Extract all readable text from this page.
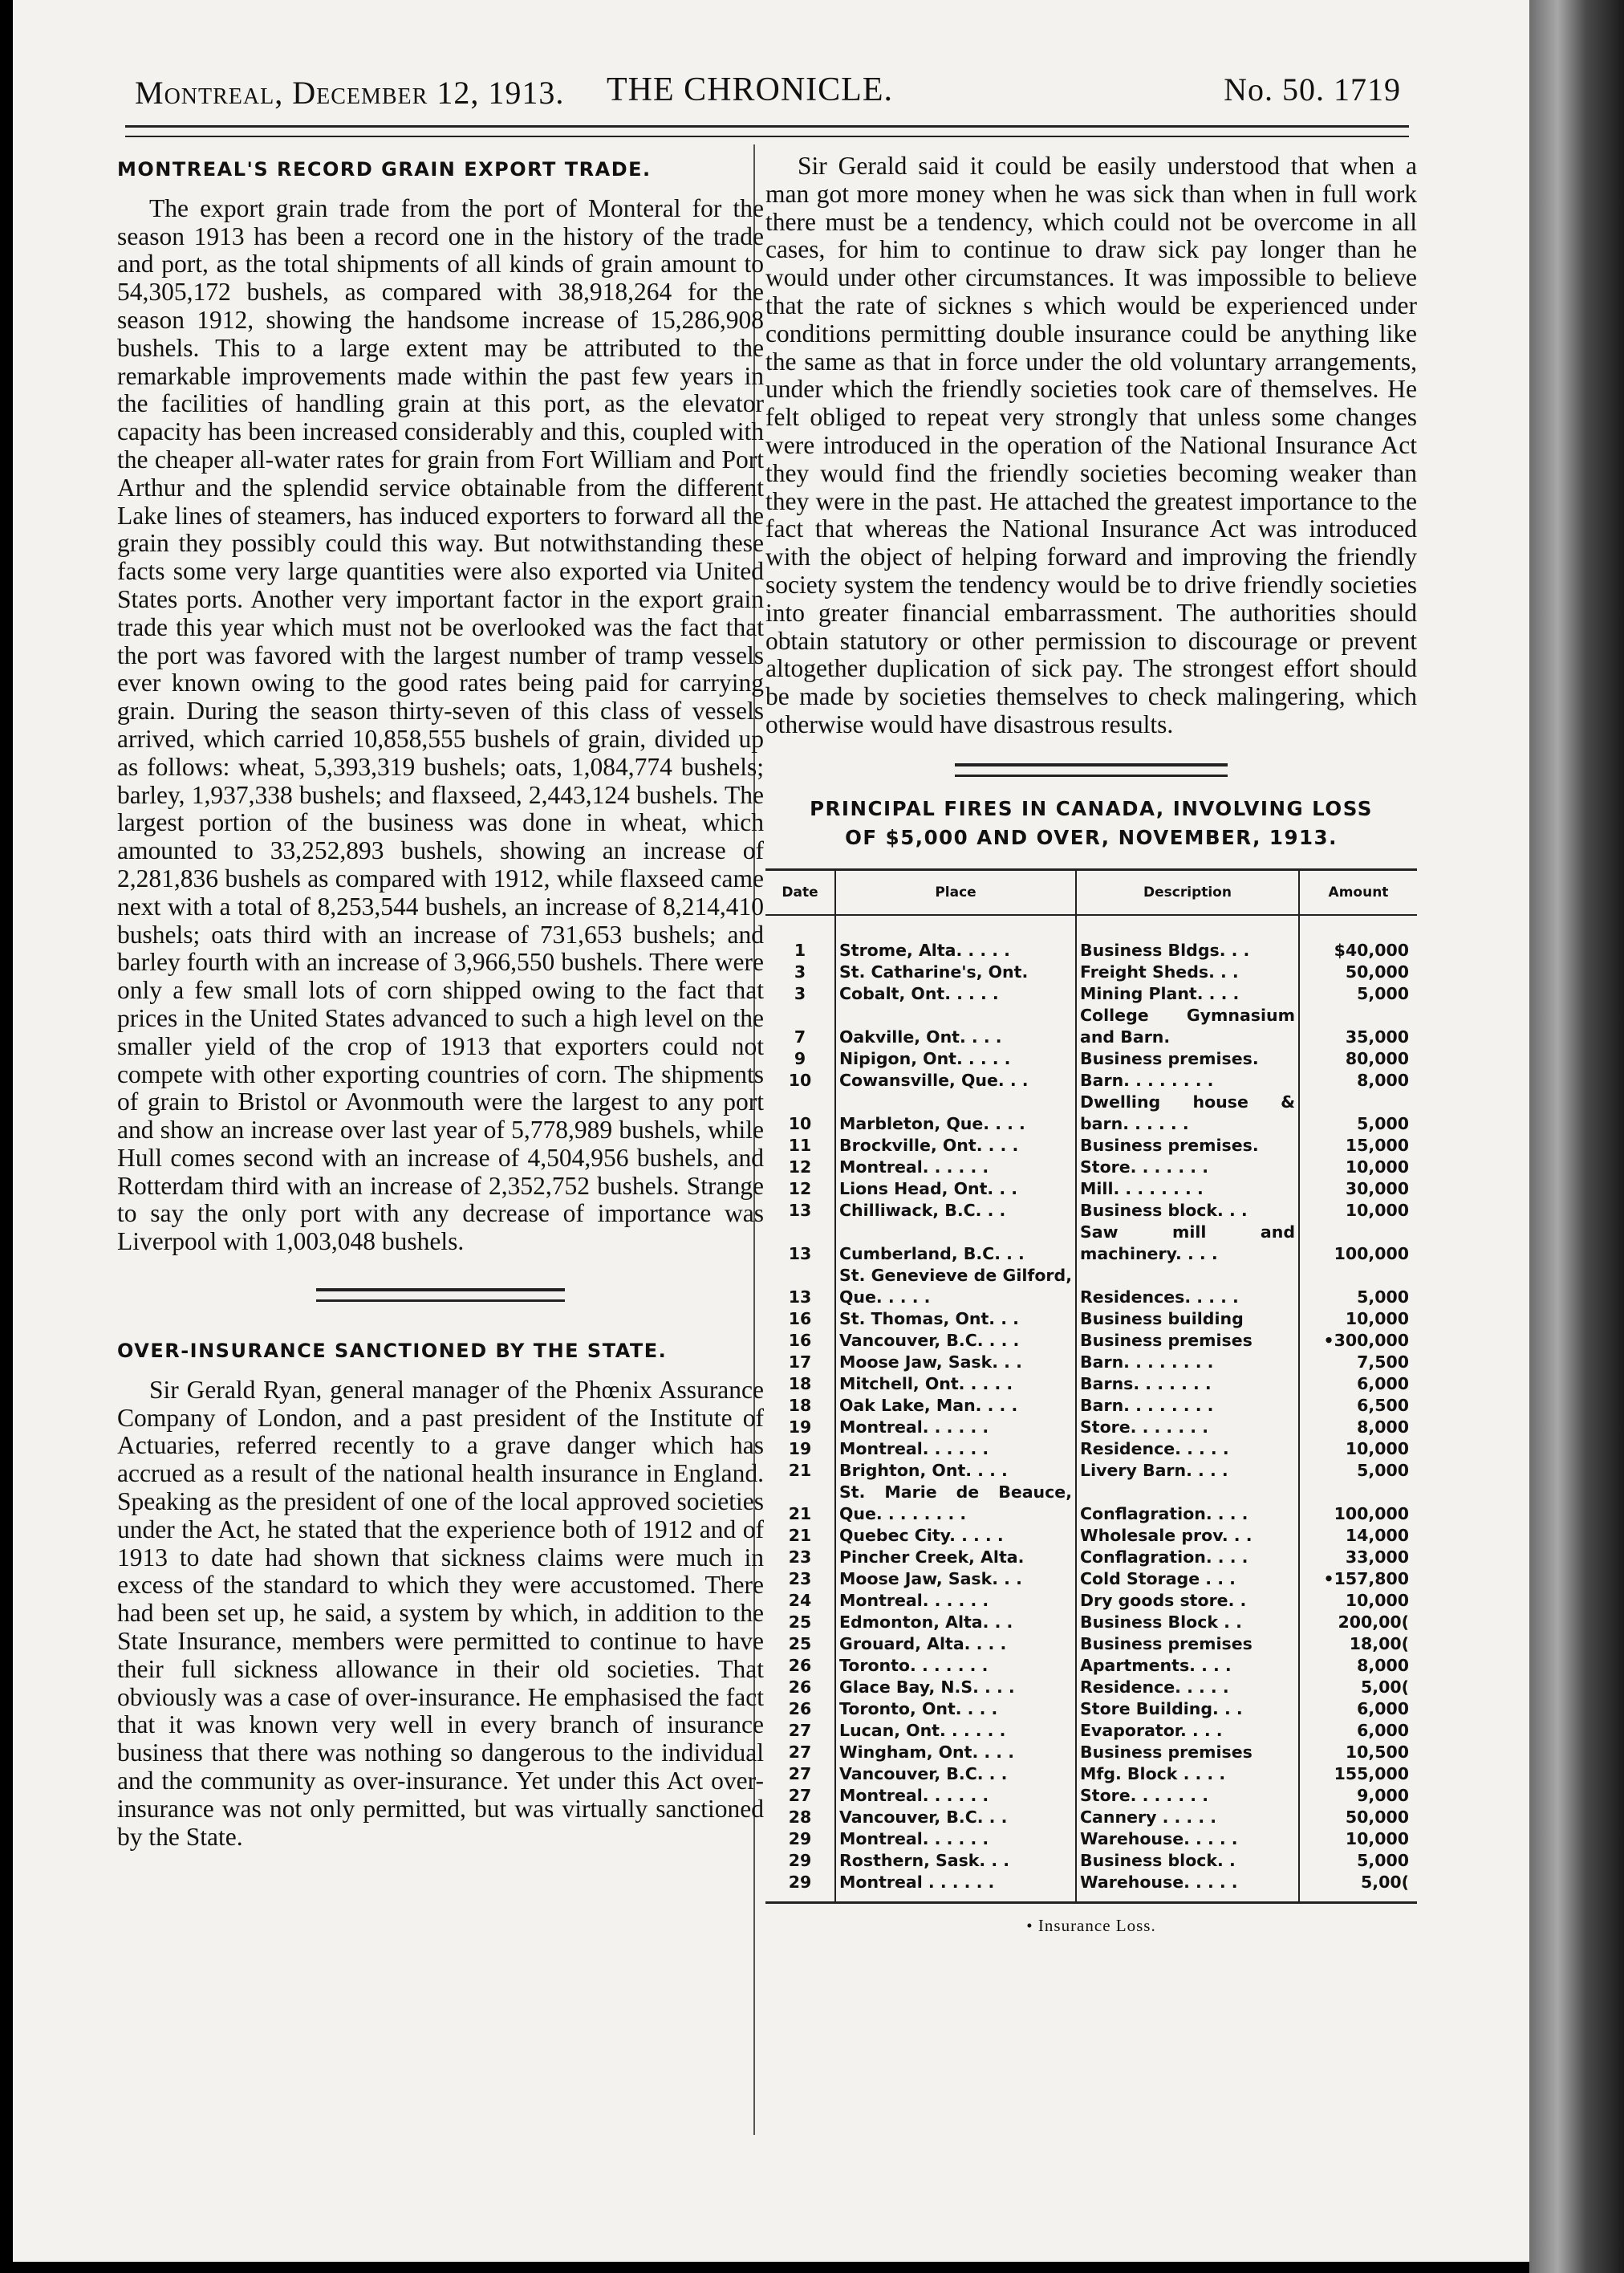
Montreal, December 12, 1913. THE CHRONICLE.	No. 50. 1719
MONTREAL'S RECORD GRAIN EXPORT TRADE.

The export grain trade from the port of Monteral for the season 1913 has been a record one in the history of the trade and port, as the total shipments of all kinds of grain amount to 54,305,172 bushels, as compared with 38,918,264 for the season 1912, showing the handsome increase of 15,286,908 bushels. This to a large extent may be attributed to the remarkable improvements made within the past few years in the facilities of handling grain at this port, as the elevator capacity has been increased considerably and this, coupled with the cheaper all-water rates for grain from Fort William and Port Arthur and the splendid service obtainable from the different Lake lines of steamers, has induced exporters to forward all the grain they possibly could this way. But notwithstanding these facts some very large quantities were also exported via United States ports. Another very important factor in the export grain trade this year which must not be overlooked was the fact that the port was favored with the largest number of tramp vessels ever known owing to the good rates being paid for carrying grain. During the season thirty-seven of this class of vessels arrived, which carried 10,858,555 bushels of grain, divided up as follows: wheat, 5,393,319 bushels; oats, 1,084,774 bushels; barley, 1,937,338 bushels; and flaxseed, 2,443,124 bushels. The largest portion of the business was done in wheat, which amounted to 33,252,893 bushels, showing an increase of 2,281,836 bushels as compared with 1912, while flaxseed came next with a total of 8,253,544 bushels, an increase of 8,214,410 bushels; oats third with an increase of 731,653 bushels; and barley fourth with an increase of 3,966,550 bushels. There were only a few small lots of corn shipped owing to the fact that prices in the United States advanced to such a high level on the smaller yield of the crop of 1913 that exporters could not compete with other exporting countries of corn. The shipments of grain to Bristol or Avonmouth were the largest to any port and show an increase over last year of 5,778,989 bushels, while Hull comes second with an increase of 4,504,956 bushels, and Rotterdam third with an increase of 2,352,752 bushels. Strange to say the only port with any decrease of importance was Liverpool with 1,003,048 bushels.

OVER-INSURANCE SANCTIONED BY THE STATE.

Sir Gerald Ryan, general manager of the Phœnix Assurance Company of London, and a past president of the Institute of Actuaries, referred recently to a grave danger which has accrued as a result of the national health insurance in England. Speaking as the president of one of the local approved societies under the Act, he stated that the experience both of 1912 and of 1913 to date had shown that sickness claims were much in excess of the standard to which they were accustomed. There had been set up, he said, a system by which, in addition to the State Insurance, members were permitted to continue to have their full sickness allowance in their old societies. That obviously was a case of over-insurance. He emphasised the fact that it was known very well in every branch of insurance business that there was nothing so dangerous to the individual and the community as over-insurance. Yet under this Act over-insurance was not only permitted, but was virtually sanctioned by the State.

Sir Gerald said it could be easily understood that when a man got more money when he was sick than when in full work there must be a tendency, which could not be overcome in all cases, for him to continue to draw sick pay longer than he would under other circumstances. It was impossible to believe that the rate of sicknes s which would be experienced under conditions permitting double insurance could be anything like the same as that in force under the old voluntary arrangements, under which the friendly societies took care of themselves. He felt obliged to repeat very strongly that unless some changes were introduced in the operation of the National Insurance Act they would find the friendly societies becoming weaker than they were in the past. He attached the greatest importance to the fact that whereas the National Insurance Act was introduced with the object of helping forward and improving the friendly society system the tendency would be to drive friendly societies into greater financial embarrassment. The authorities should obtain statutory or other permission to discourage or prevent altogether duplication of sick pay. The strongest effort should be made by societies themselves to check malingering, which otherwise would have disastrous results.

PRINCIPAL FIRES IN CANADA, INVOLVING LOSS
OF $5,000 AND OVER, NOVEMBER, 1913.
Date	Place	Description	Amount
1	Strome, Alta. . . . .	Business Bldgs. . .	$40,000
3	St. Catharine's, Ont.	Freight Sheds. . .	50,000
3	Cobalt, Ont. . . . .	Mining Plant. . . .	5,000
7	Oakville, Ont. . . .	College Gymnasium and Barn.	35,000
9	Nipigon, Ont. . . . .	Business premises.	80,000
10	Cowansville, Que. . .	Barn. . . . . . . .	8,000
10	Marbleton, Que. . . .	Dwelling house & barn. . . . . .	5,000
11	Brockville, Ont. . . .	Business premises.	15,000
12	Montreal. . . . . .	Store. . . . . . .	10,000
12	Lions Head, Ont. . .	Mill. . . . . . . .	30,000
13	Chilliwack, B.C. . .	Business block. . .	10,000
13	Cumberland, B.C. . .	Saw mill and machinery. . . .	100,000
13	St. Genevieve de Gilford, Que. . . . .	Residences. . . . .	5,000
16	St. Thomas, Ont. . .	Business building	10,000
16	Vancouver, B.C. . . .	Business premises	•300,000
17	Moose Jaw, Sask. . .	Barn. . . . . . . .	7,500
18	Mitchell, Ont. . . . .	Barns. . . . . . .	6,000
18	Oak Lake, Man. . . .	Barn. . . . . . . .	6,500
19	Montreal. . . . . .	Store. . . . . . .	8,000
19	Montreal. . . . . .	Residence. . . . .	10,000
21	Brighton, Ont. . . .	Livery Barn. . . .	5,000
21	St. Marie de Beauce, Que. . . . . . . .	Conflagration. . . .	100,000
21	Quebec City. . . . .	Wholesale prov. . .	14,000
23	Pincher Creek, Alta.	Conflagration. . . .	33,000
23	Moose Jaw, Sask. . .	Cold Storage . . .	•157,800
24	Montreal. . . . . .	Dry goods store. .	10,000
25	Edmonton, Alta. . .	Business Block . .	200,00(
25	Grouard, Alta. . . .	Business premises	18,00(
26	Toronto. . . . . . .	Apartments. . . .	8,000
26	Glace Bay, N.S. . . .	Residence. . . . .	5,00(
26	Toronto, Ont. . . .	Store Building. . .	6,000
27	Lucan, Ont. . . . . .	Evaporator. . . .	6,000
27	Wingham, Ont. . . .	Business premises	10,500
27	Vancouver, B.C. . .	Mfg. Block . . . .	155,000
27	Montreal. . . . . .	Store. . . . . . .	9,000
28	Vancouver, B.C. . .	Cannery . . . . .	50,000
29	Montreal. . . . . .	Warehouse. . . . .	10,000
29	Rosthern, Sask. . .	Business block. .	5,000
29	Montreal . . . . . .	Warehouse. . . . .	5,00(
• Insurance Loss.
